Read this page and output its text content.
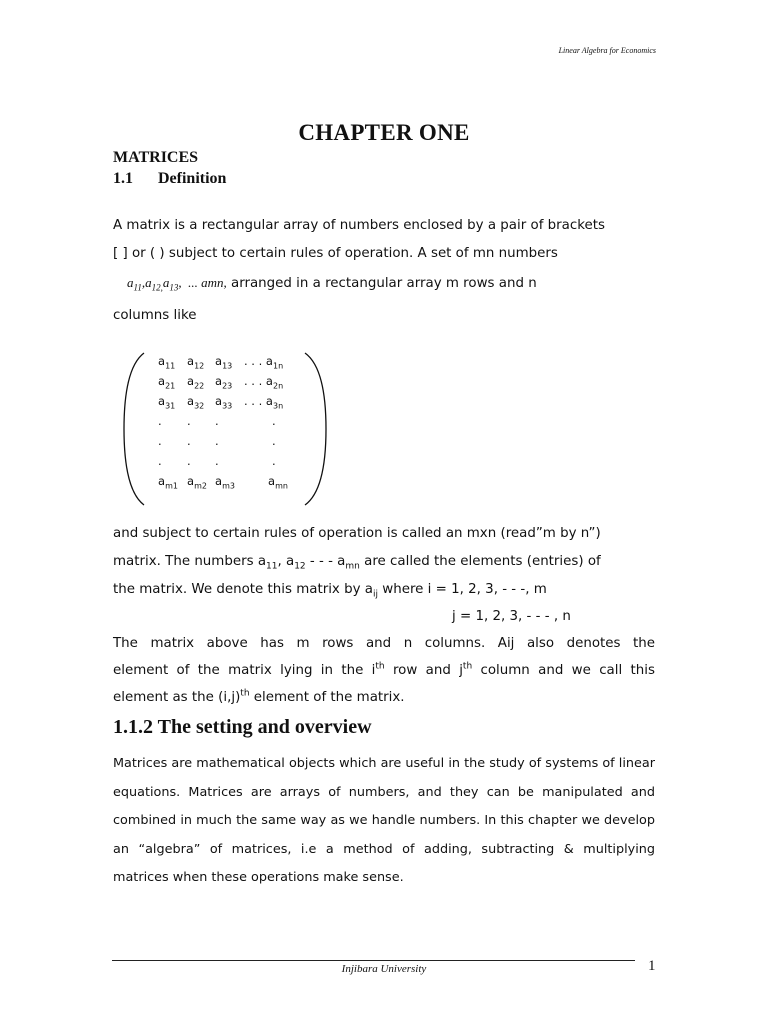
Linear Algebra for Economics
CHAPTER ONE
MATRICES
1.1 Definition
A matrix is a rectangular array of numbers enclosed by a pair of brackets
[ ] or ( ) subject to certain rules of operation. A set of mn numbers
$a_{11},a_{12,}a_{13}$,  ... amn, arranged in a rectangular array m rows and n
columns like
$a_{11}$ $a_{12}$ $a_{13}$ . . . $a_{1n}$
$a_{21}$ $a_{22}$ $a_{23}$ . . . $a_{2n}$
$a_{31}$ $a_{32}$ $a_{33}$ . . . $a_{3n}$
. . .	.
. . .	.
. . .	.
$a_{m1}$ $a_{m2}$ $a_{m3}$	$a_{mn}$
and subject to certain rules of operation is called an mxn (read”m by n”)
matrix. The numbers $a_{11}$, $a_{12}$ - - - $a_{mn}$ are called the elements (entries) of
the matrix. We denote this matrix by $a_{ij}$ where i = 1, 2, 3, - - -, m
j = 1, 2, 3, - - - , n
The matrix above has m rows and n columns. Aij also denotes the
element of the matrix lying in the $i^{th}$ row and $j^{th}$ column and we call this
element as the $(i,j)^{th}$ element of the matrix.
1.1.2 The setting and overview

Matrices are mathematical objects which are useful in the study of systems of linear equations. Matrices are arrays of numbers, and they can be manipulated and combined in much the same way as we handle numbers. In this chapter we develop an “algebra” of matrices, i.e a method of adding, subtracting & multiplying matrices when these operations make sense.

Injibara University	1
